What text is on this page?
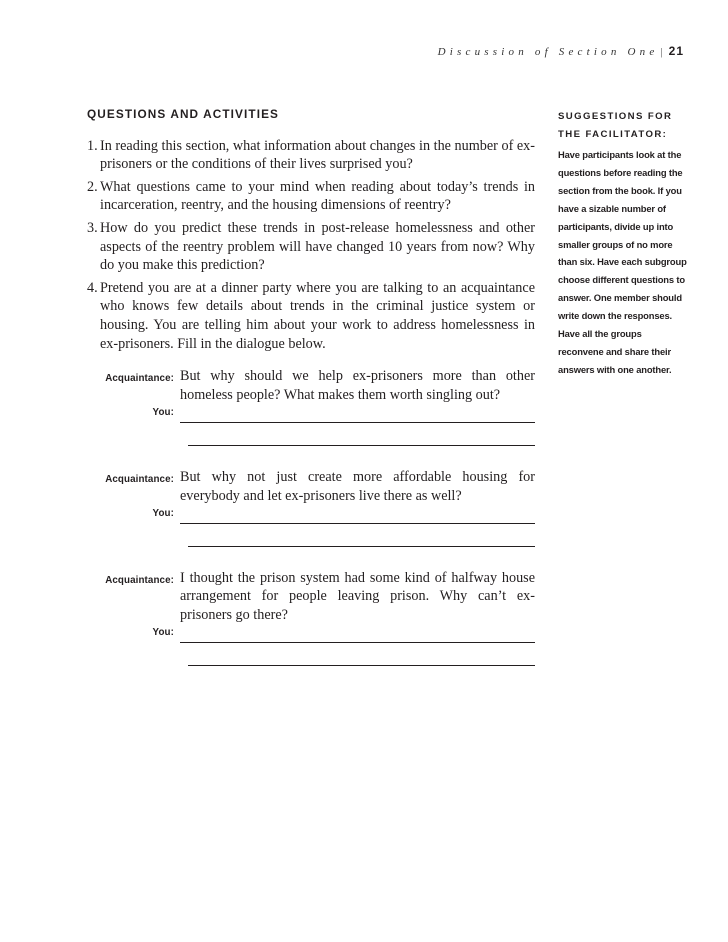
Discussion of Section One | 21
QUESTIONS AND ACTIVITIES
1. In reading this section, what information about changes in the number of ex-prisoners or the conditions of their lives surprised you?
2. What questions came to your mind when reading about today’s trends in incarceration, reentry, and the housing dimensions of reentry?
3. How do you predict these trends in post-release homelessness and other aspects of the reentry problem will have changed 10 years from now? Why do you make this prediction?
4. Pretend you are at a dinner party where you are talking to an acquaintance who knows few details about trends in the criminal justice system or housing. You are telling him about your work to address homelessness in ex-prisoners. Fill in the dialogue below.
Acquaintance: But why should we help ex-prisoners more than other homeless people? What makes them worth singling out?
You:
Acquaintance: But why not just create more affordable housing for everybody and let ex-prisoners live there as well?
You:
Acquaintance: I thought the prison system had some kind of halfway house arrangement for people leaving prison. Why can’t ex-prisoners go there?
You:
SUGGESTIONS FOR THE FACILITATOR:
Have participants look at the questions before reading the section from the book. If you have a sizable number of participants, divide up into smaller groups of no more than six. Have each subgroup choose different questions to answer. One member should write down the responses. Have all the groups reconvene and share their answers with one another.
